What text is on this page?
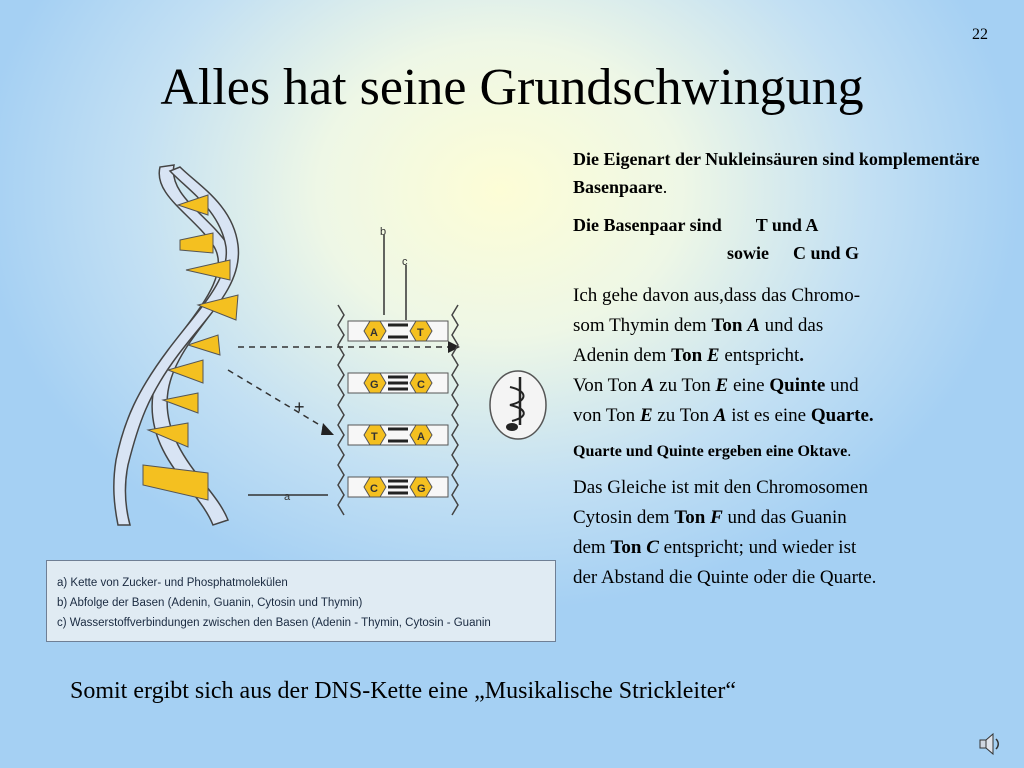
22
Alles hat seine Grundschwingung
b
c
a
+
A	T
G	C
T	A
C	G
a) Kette von Zucker- und Phosphatmolekülen
b) Abfolge der Basen (Adenin, Guanin, Cytosin und Thymin)
c) Wasserstoffverbindungen zwischen den Basen (Adenin - Thymin, Cytosin - Guanin

Die Eigenart der Nukleinsäuren sind komplementäre Basenpaare.

Die Basenpaar sind T und A
sowie C und G

Ich gehe davon aus,dass das Chromo-
som Thymin dem Ton A und das
Adenin dem Ton E entspricht.
Von Ton A zu Ton E eine Quinte und
von Ton E zu Ton A ist es eine Quarte.

Quarte und Quinte ergeben eine Oktave.

Das Gleiche ist mit den Chromosomen
Cytosin dem Ton F und das Guanin
dem Ton C entspricht; und wieder ist
der Abstand die Quinte oder die Quarte.

Somit ergibt sich aus der DNS-Kette eine „Musikalische Strickleiter“
